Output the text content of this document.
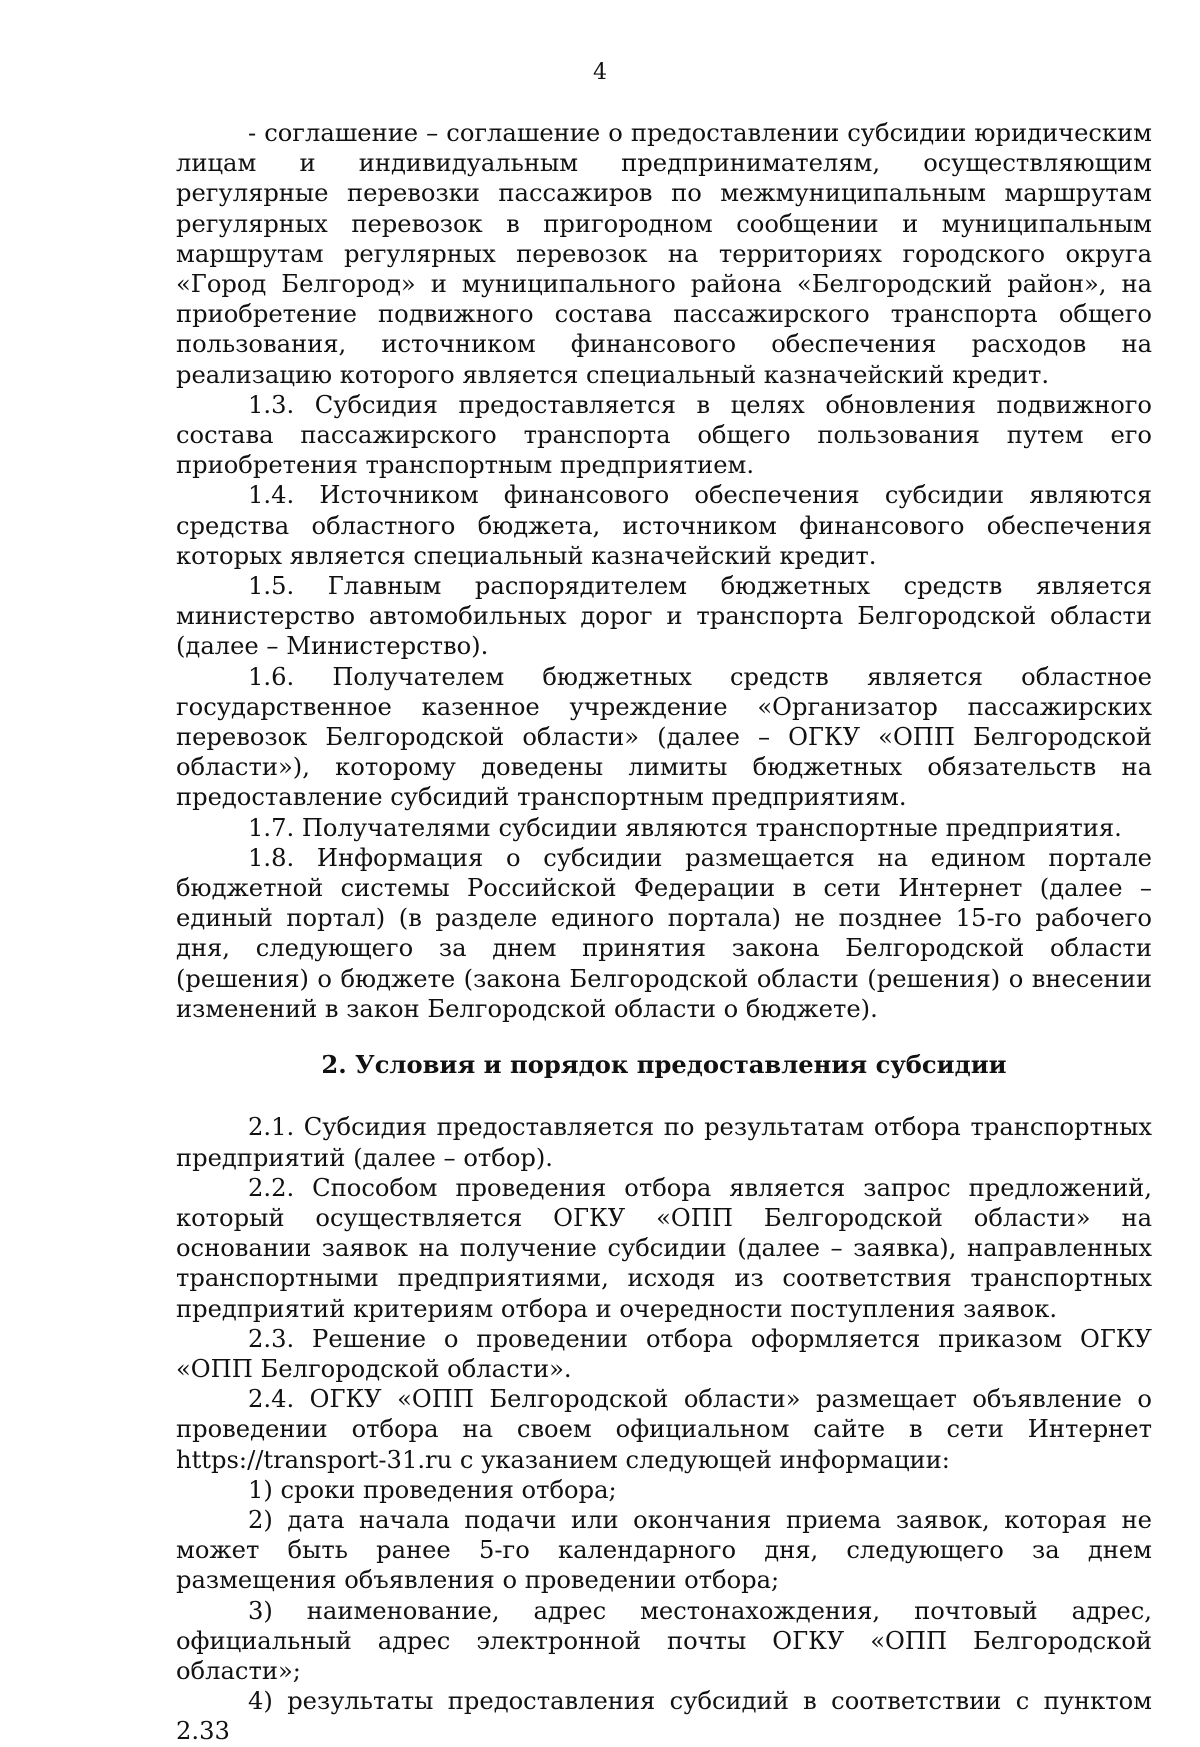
4

- соглашение – соглашение о предоставлении субсидии юридическим лицам и индивидуальным предпринимателям, осуществляющим регулярные перевозки пассажиров по межмуниципальным маршрутам регулярных перевозок в пригородном сообщении и муниципальным маршрутам регулярных перевозок на территориях городского округа «Город Белгород» и муниципального района «Белгородский район», на приобретение подвижного состава пассажирского транспорта общего пользования, источником финансового обеспечения расходов на реализацию которого является специальный казначейский кредит.

1.3. Субсидия предоставляется в целях обновления подвижного состава пассажирского транспорта общего пользования путем его приобретения транспортным предприятием.

1.4. Источником финансового обеспечения субсидии являются средства областного бюджета, источником финансового обеспечения которых является специальный казначейский кредит.

1.5. Главным распорядителем бюджетных средств является министерство автомобильных дорог и транспорта Белгородской области (далее – Министерство).

1.6. Получателем бюджетных средств является областное государственное казенное учреждение «Организатор пассажирских перевозок Белгородской области» (далее – ОГКУ «ОПП Белгородской области»), которому доведены лимиты бюджетных обязательств на предоставление субсидий транспортным предприятиям.

1.7. Получателями субсидии являются транспортные предприятия.

1.8. Информация о субсидии размещается на едином портале бюджетной системы Российской Федерации в сети Интернет (далее – единый портал) (в разделе единого портала) не позднее 15-го рабочего дня, следующего за днем принятия закона Белгородской области (решения) о бюджете (закона Белгородской области (решения) о внесении изменений в закон Белгородской области о бюджете).

2. Условия и порядок предоставления субсидии

2.1. Субсидия предоставляется по результатам отбора транспортных предприятий (далее – отбор).

2.2. Способом проведения отбора является запрос предложений, который осуществляется ОГКУ «ОПП Белгородской области» на основании заявок на получение субсидии (далее – заявка), направленных транспортными предприятиями, исходя из соответствия транспортных предприятий критериям отбора и очередности поступления заявок.

2.3. Решение о проведении отбора оформляется приказом ОГКУ «ОПП Белгородской области».

2.4. ОГКУ «ОПП Белгородской области» размещает объявление о проведении отбора на своем официальном сайте в сети Интернет https://transport-31.ru с указанием следующей информации:

1) сроки проведения отбора;

2) дата начала подачи или окончания приема заявок, которая не может быть ранее 5-го календарного дня, следующего за днем размещения объявления о проведении отбора;

3) наименование, адрес местонахождения, почтовый адрес, официальный адрес электронной почты ОГКУ «ОПП Белгородской области»;

4) результаты предоставления субсидий в соответствии с пунктом 2.33
